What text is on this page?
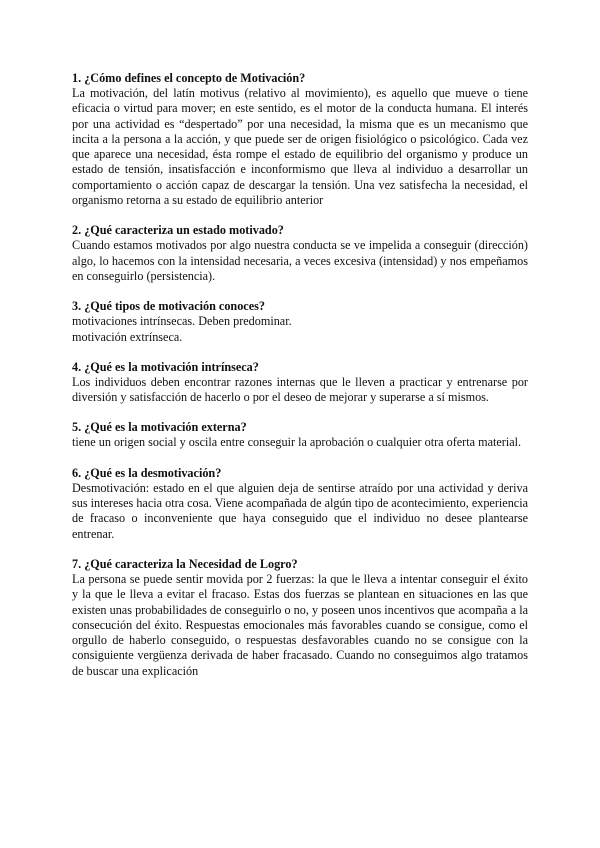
1. ¿Cómo defines el concepto de Motivación?

La motivación, del latín motivus (relativo al movimiento), es aquello que mueve o tiene eficacia o virtud para mover; en este sentido, es el motor de la conducta humana. El interés por una actividad es “despertado” por una necesidad, la misma que es un mecanismo que incita a la persona a la acción, y que puede ser de origen fisiológico o psicológico. Cada vez que aparece una necesidad, ésta rompe el estado de equilibrio del organismo y produce un estado de tensión, insatisfacción e inconformismo que lleva al individuo a desarrollar un comportamiento o acción capaz de descargar la tensión. Una vez satisfecha la necesidad, el organismo retorna a su estado de equilibrio anterior

2. ¿Qué caracteriza un estado motivado?

Cuando estamos motivados por algo nuestra conducta se ve impelida a conseguir (dirección) algo, lo hacemos con la intensidad necesaria, a veces excesiva (intensidad) y nos empeñamos en conseguirlo (persistencia).

3. ¿Qué tipos de motivación conoces?

motivaciones intrínsecas. Deben predominar.

motivación extrínseca.

4. ¿Qué es la motivación intrínseca?

Los individuos deben encontrar razones internas que le lleven a practicar y entrenarse por diversión y satisfacción de hacerlo o por el deseo de mejorar y superarse a sí mismos.

5. ¿Qué es la motivación externa?

tiene un origen social y oscila entre conseguir la aprobación o cualquier otra oferta material.

6. ¿Qué es la desmotivación?

Desmotivación: estado en el que alguien deja de sentirse atraído por una actividad y deriva sus intereses hacia otra cosa. Viene acompañada de algún tipo de acontecimiento, experiencia de fracaso o inconveniente que haya conseguido que el individuo no desee plantearse entrenar.

7. ¿Qué caracteriza la Necesidad de Logro?

La persona se puede sentir movida por 2 fuerzas: la que le lleva a intentar conseguir el éxito y la que le lleva a evitar el fracaso. Estas dos fuerzas se plantean en situaciones en las que existen unas probabilidades de conseguirlo o no, y poseen unos incentivos que acompaña a la consecución del éxito. Respuestas emocionales más favorables cuando se consigue, como el orgullo de haberlo conseguido, o respuestas desfavorables cuando no se consigue con la consiguiente vergüenza derivada de haber fracasado. Cuando no conseguimos algo tratamos de buscar una explicación
